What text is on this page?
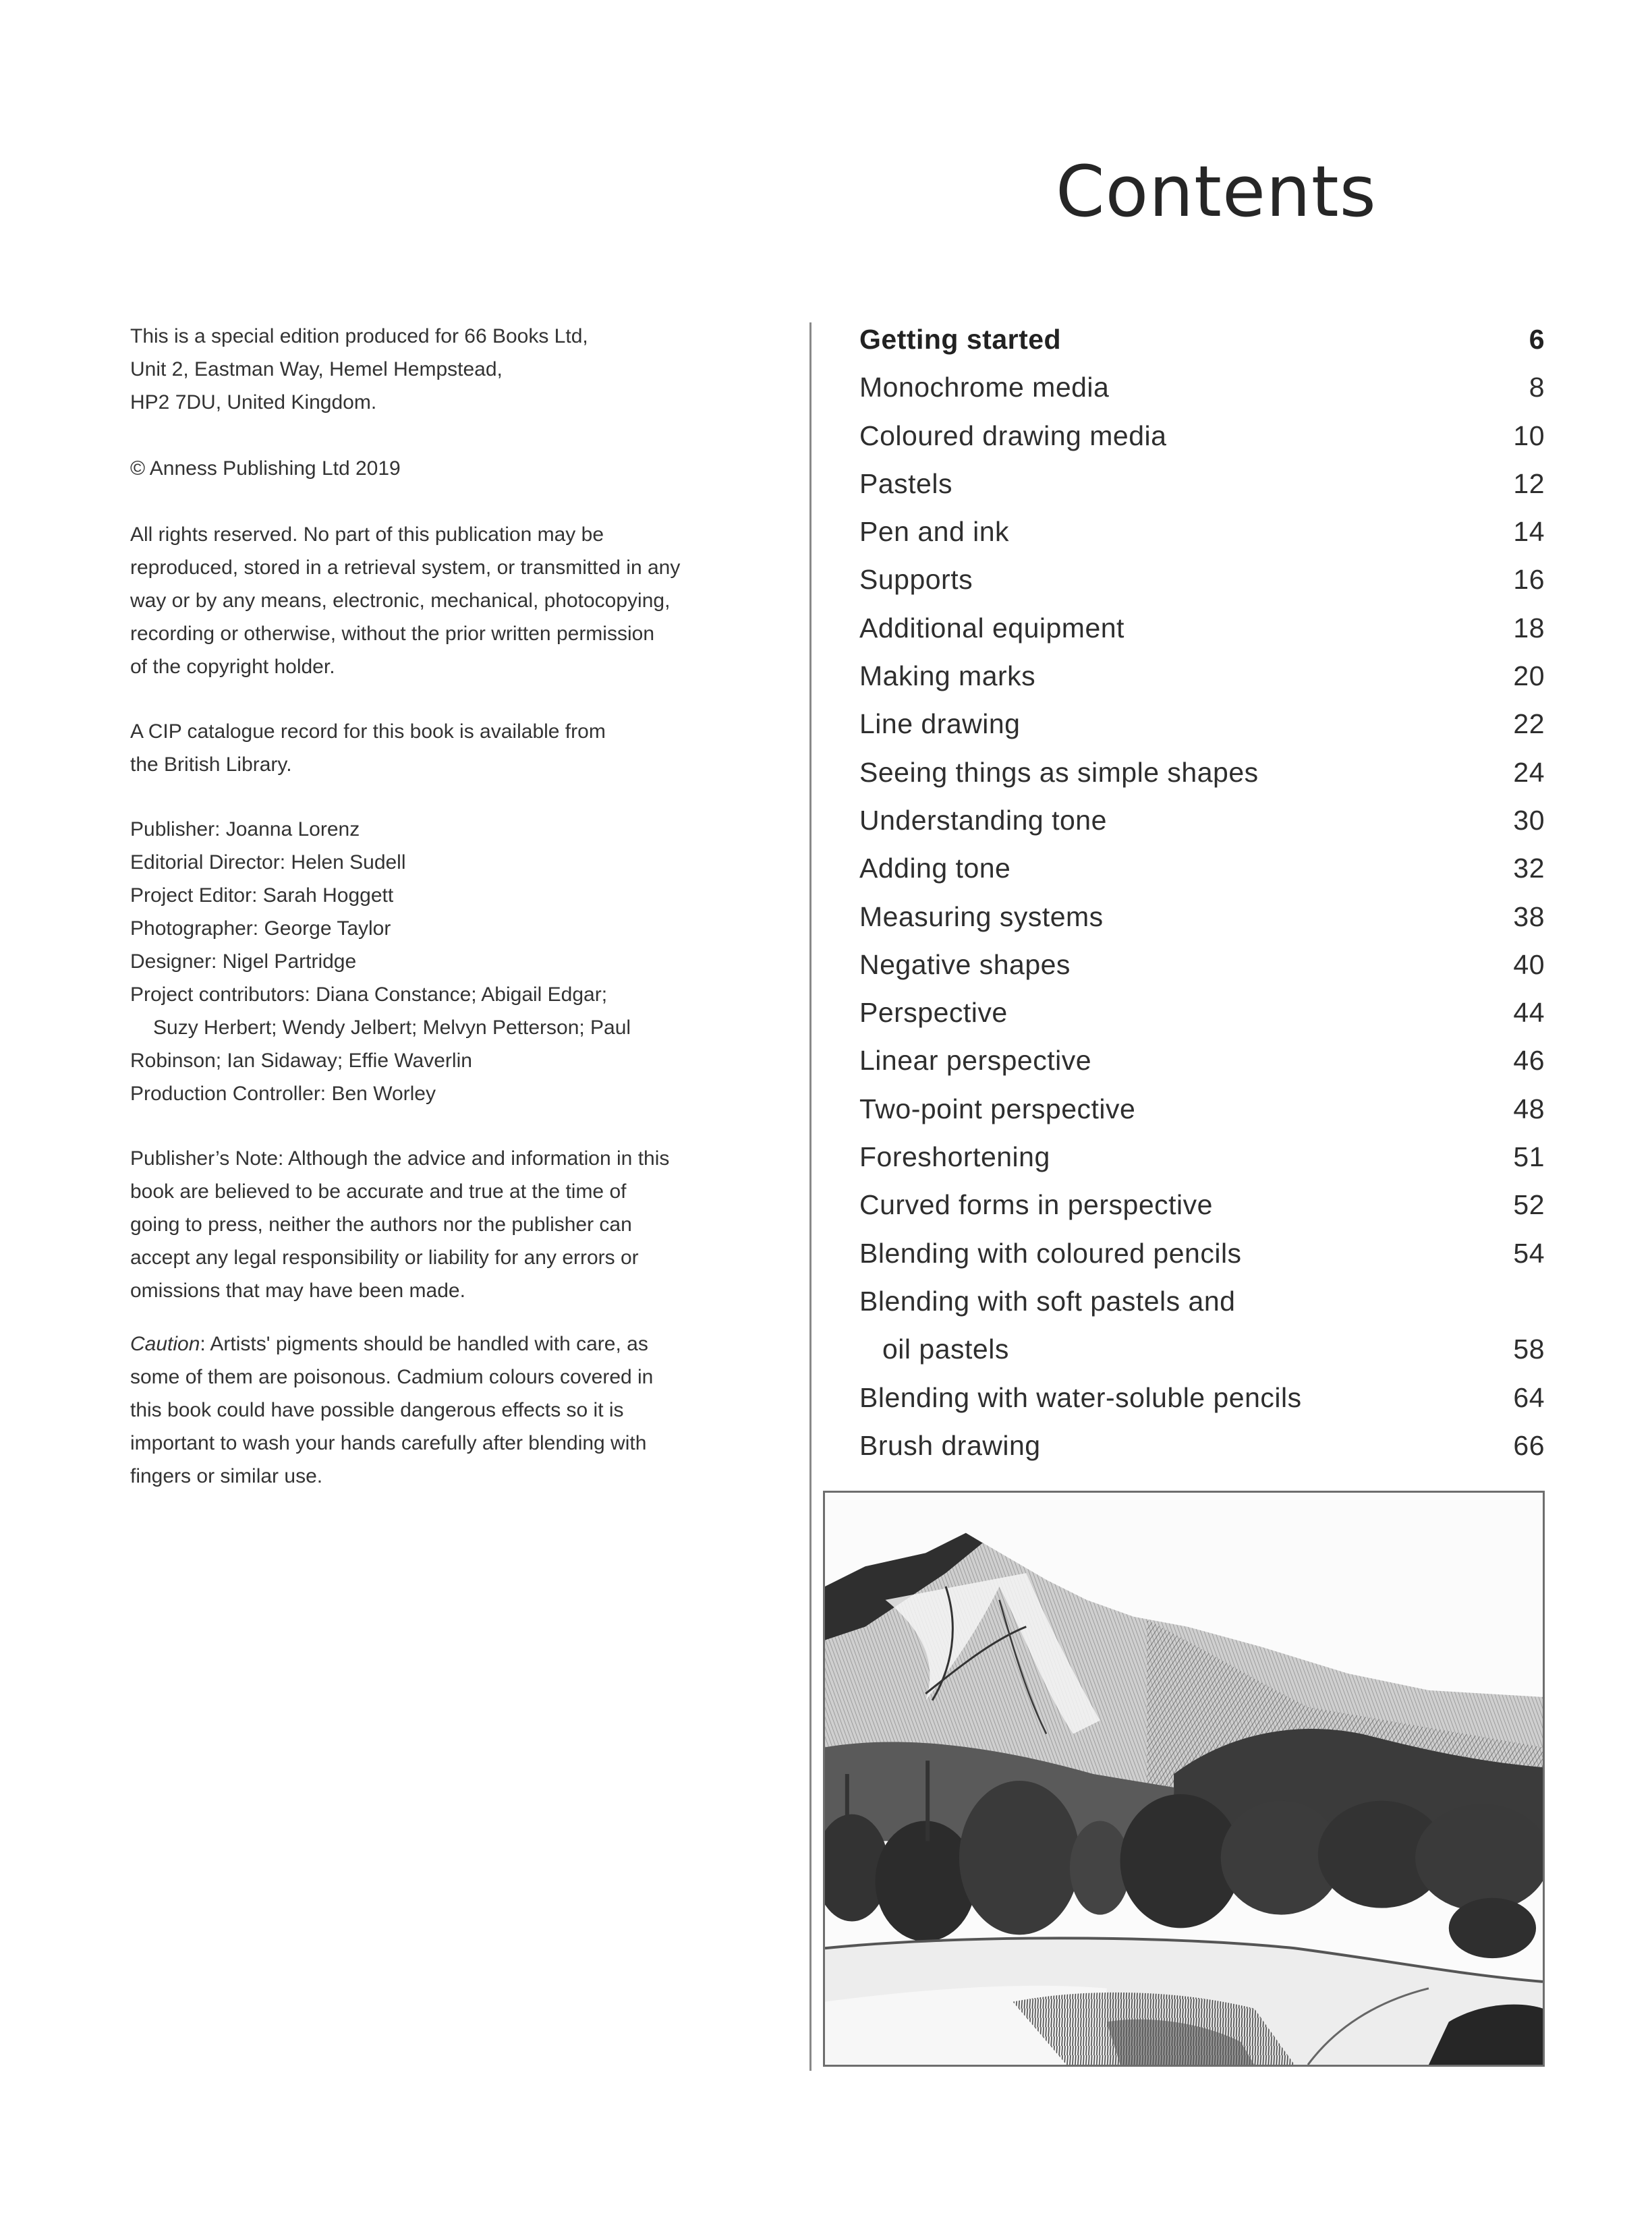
Contents

This is a special edition produced for 66 Books Ltd,

Unit 2, Eastman Way, Hemel Hempstead,

HP2 7DU, United Kingdom.

© Anness Publishing Ltd 2019

All rights reserved. No part of this publication may be

reproduced, stored in a retrieval system, or transmitted in any

way or by any means, electronic, mechanical, photocopying,

recording or otherwise, without the prior written permission

of the copyright holder.

A CIP catalogue record for this book is available from

the British Library.

Publisher: Joanna Lorenz

Editorial Director: Helen Sudell

Project Editor: Sarah Hoggett

Photographer: George Taylor

Designer: Nigel Partridge

Project contributors: Diana Constance; Abigail Edgar;

Suzy Herbert; Wendy Jelbert; Melvyn Petterson; Paul

Robinson; Ian Sidaway; Effie Waverlin

Production Controller: Ben Worley

Publisher’s Note: Although the advice and information in this

book are believed to be accurate and true at the time of

going to press, neither the authors nor the publisher can

accept any legal responsibility or liability for any errors or

omissions that may have been made.

Caution: Artists' pigments should be handled with care, as

some of them are poisonous. Cadmium colours covered in

this book could have possible dangerous effects so it is

important to wash your hands carefully after blending with

fingers or similar use.

Getting started	6
Monochrome media	8
Coloured drawing media	10
Pastels	12
Pen and ink	14
Supports	16
Additional equipment	18
Making marks	20
Line drawing	22
Seeing things as simple shapes	24
Understanding tone	30
Adding tone	32
Measuring systems	38
Negative shapes	40
Perspective	44
Linear perspective	46
Two-point perspective	48
Foreshortening	51
Curved forms in perspective	52
Blending with coloured pencils	54
Blending with soft pastels and
oil pastels	58
Blending with water-soluble pencils	64
Brush drawing	66
